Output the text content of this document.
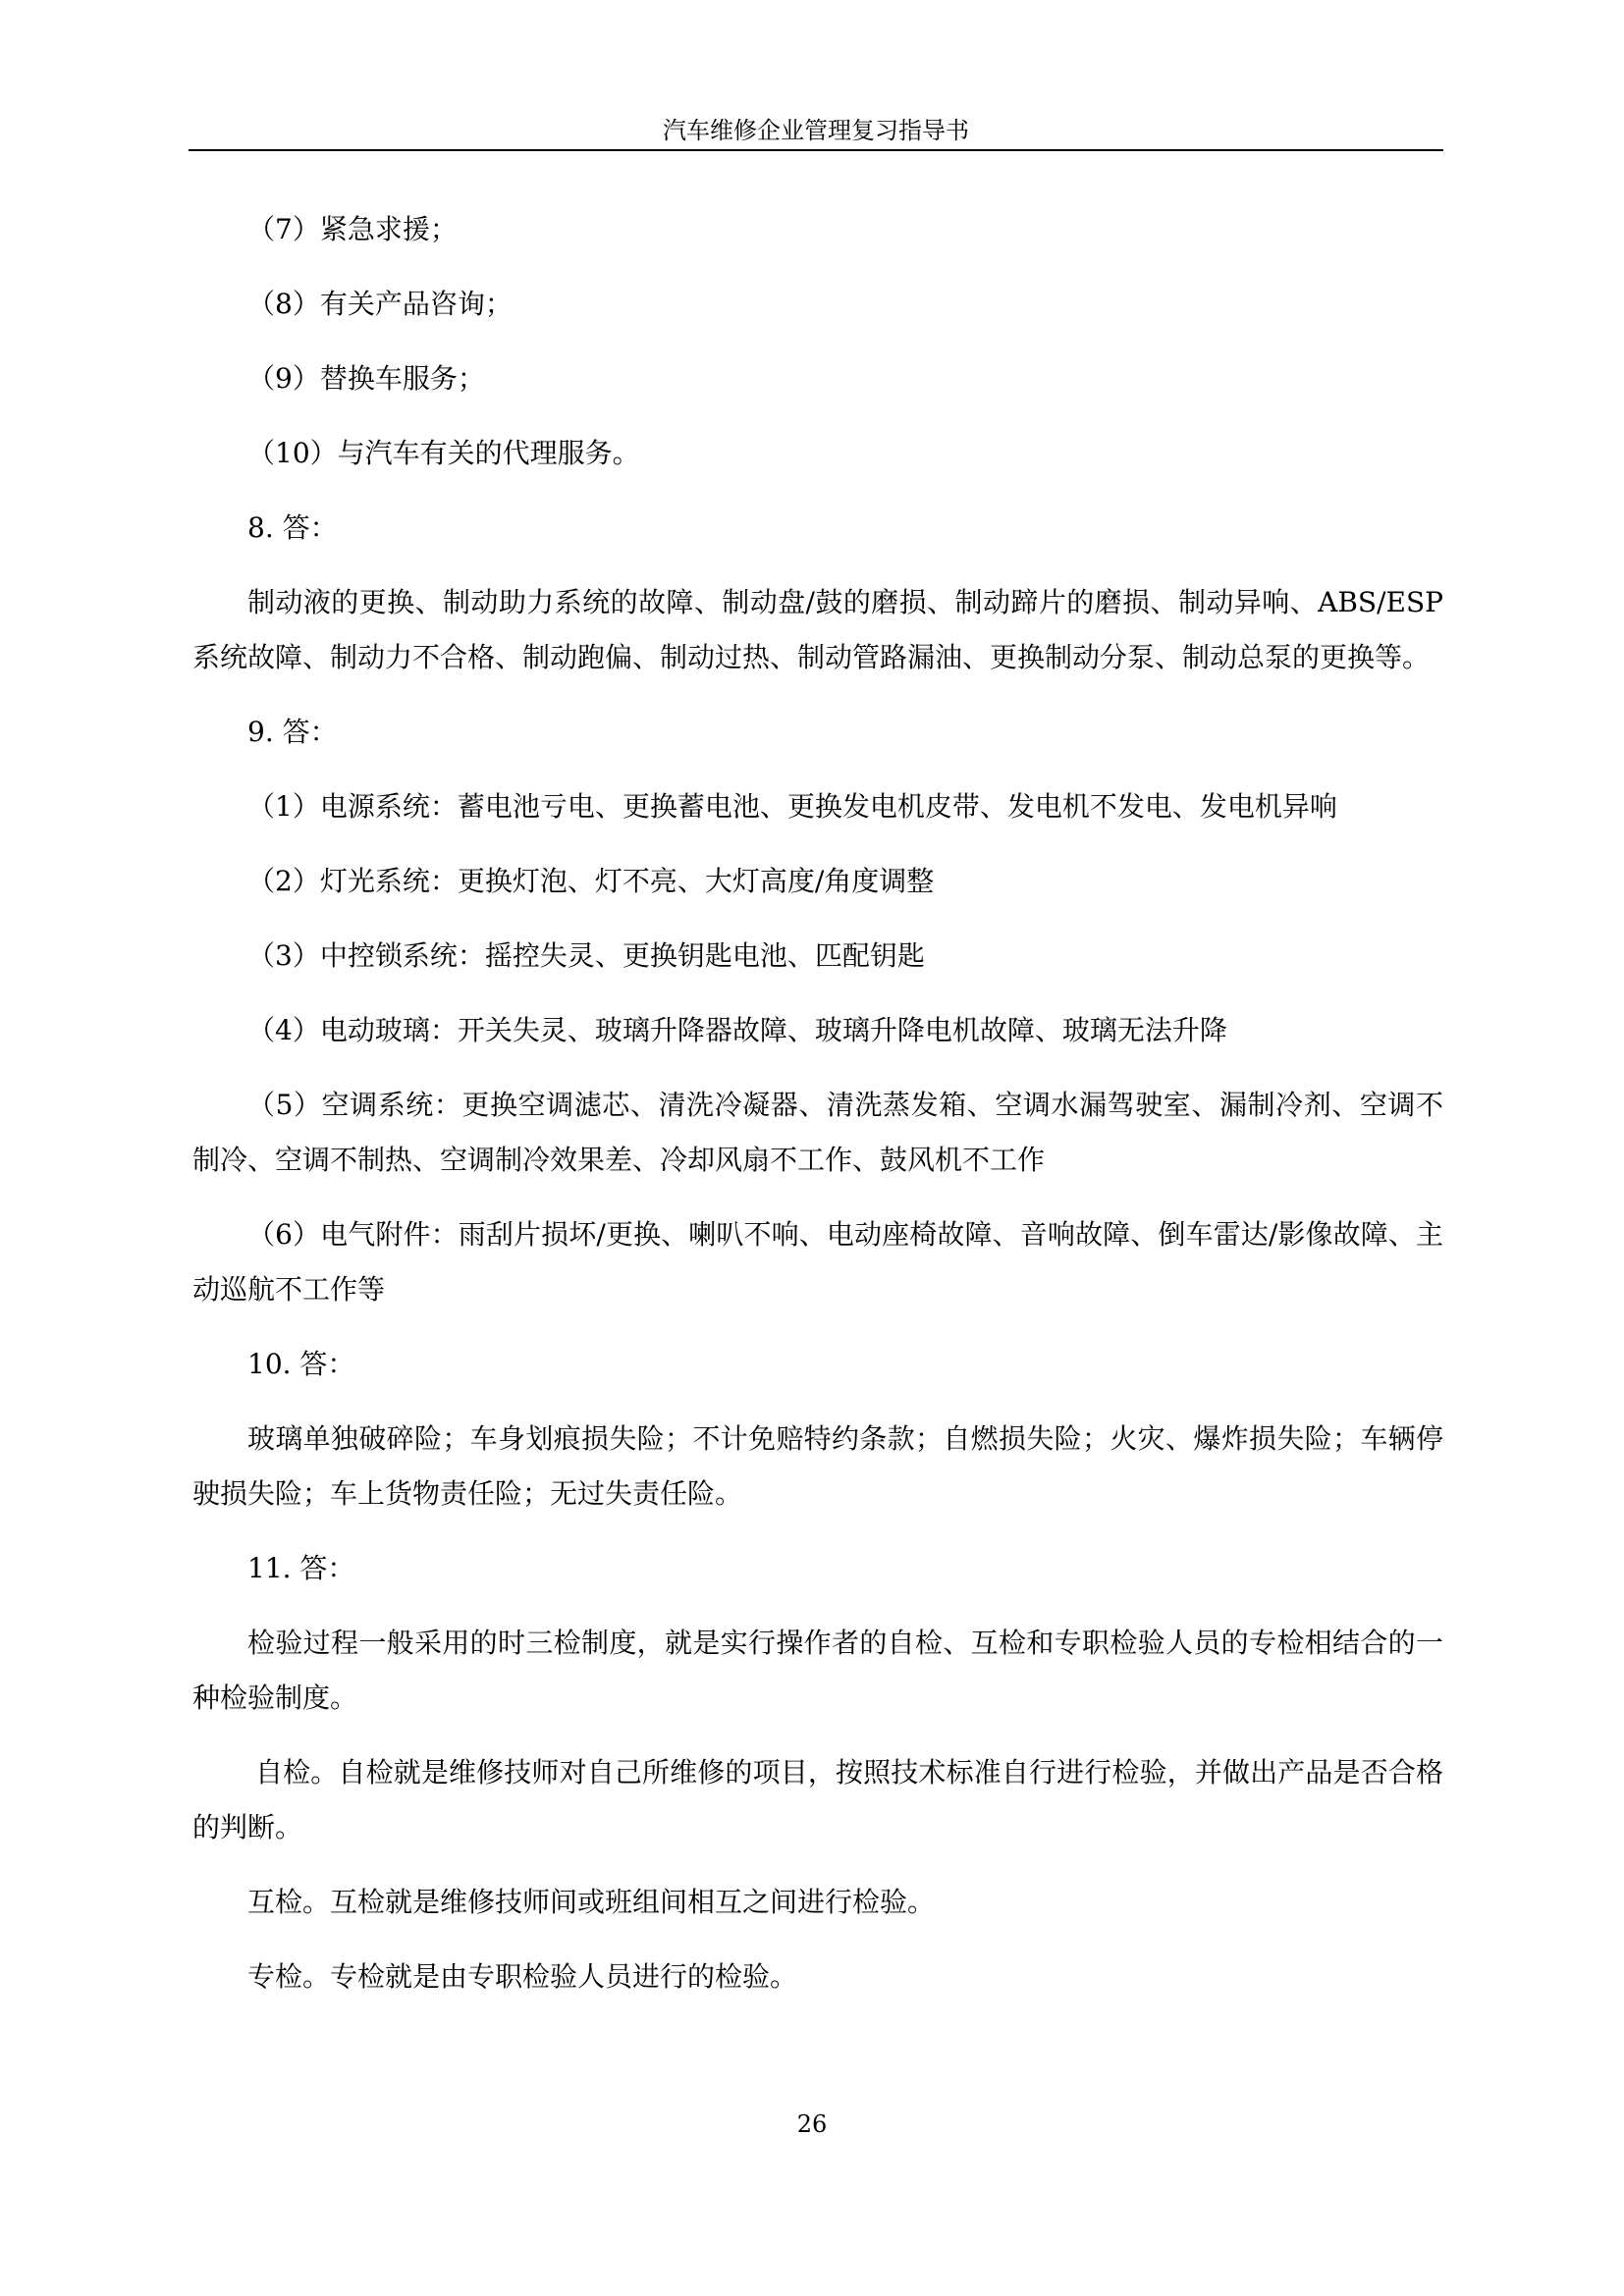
汽车维修企业管理复习指导书

（7）紧急求援；

（8）有关产品咨询；

（9）替换车服务；

（10）与汽车有关的代理服务。

8. 答：

制动液的更换、制动助力系统的故障、制动盘/鼓的磨损、制动蹄片的磨损、制动异响、ABS/ESP系统故障、制动力不合格、制动跑偏、制动过热、制动管路漏油、更换制动分泵、制动总泵的更换等。

9. 答：

（1）电源系统：蓄电池亏电、更换蓄电池、更换发电机皮带、发电机不发电、发电机异响

（2）灯光系统：更换灯泡、灯不亮、大灯高度/角度调整

（3）中控锁系统：摇控失灵、更换钥匙电池、匹配钥匙

（4）电动玻璃：开关失灵、玻璃升降器故障、玻璃升降电机故障、玻璃无法升降

（5）空调系统：更换空调滤芯、清洗冷凝器、清洗蒸发箱、空调水漏驾驶室、漏制冷剂、空调不制冷、空调不制热、空调制冷效果差、冷却风扇不工作、鼓风机不工作

（6）电气附件：雨刮片损坏/更换、喇叭不响、电动座椅故障、音响故障、倒车雷达/影像故障、主动巡航不工作等

10. 答：

玻璃单独破碎险；车身划痕损失险；不计免赔特约条款；自燃损失险；火灾、爆炸损失险；车辆停驶损失险；车上货物责任险；无过失责任险。

11. 答：

检验过程一般采用的时三检制度，就是实行操作者的自检、互检和专职检验人员的专检相结合的一种检验制度。

自检。自检就是维修技师对自己所维修的项目，按照技术标准自行进行检验，并做出产品是否合格的判断。

互检。互检就是维修技师间或班组间相互之间进行检验。

专检。专检就是由专职检验人员进行的检验。

26
